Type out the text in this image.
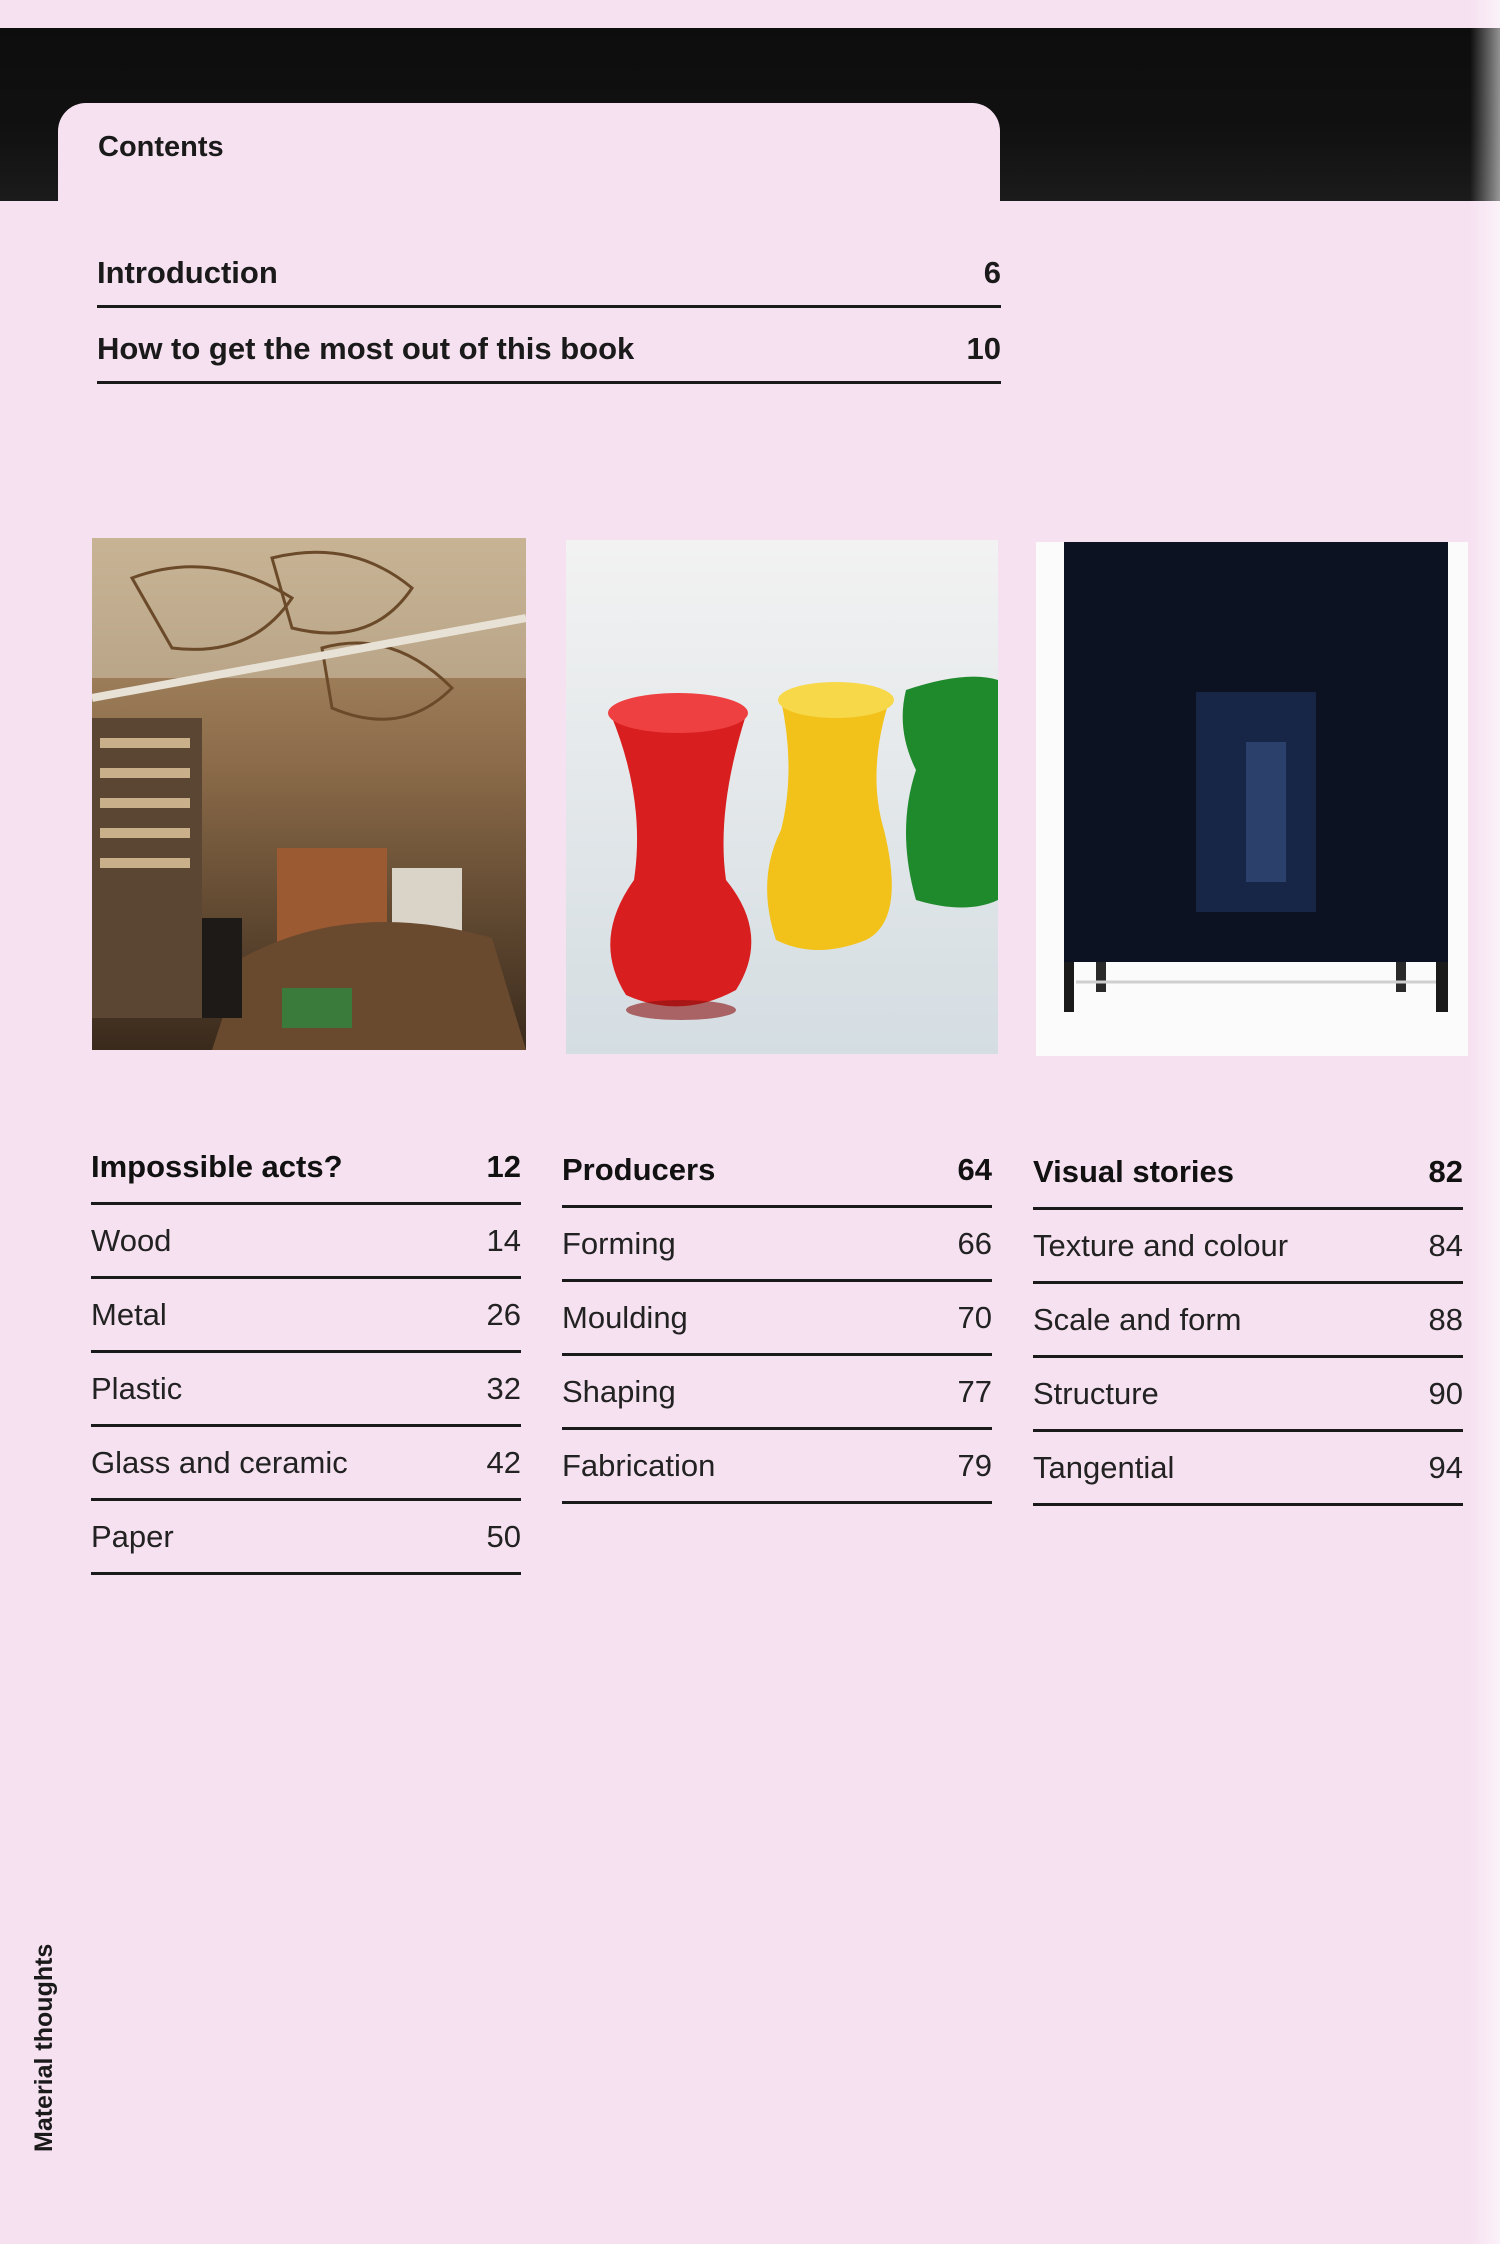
Contents
Introduction	6
How to get the most out of this book	10
Impossible acts?	12
Wood	14
Metal	26
Plastic	32
Glass and ceramic	42
Paper	50
Producers	64
Forming	66
Moulding	70
Shaping	77
Fabrication	79
Visual stories	82
Texture and colour	84
Scale and form	88
Structure	90
Tangential	94
Material thoughts
